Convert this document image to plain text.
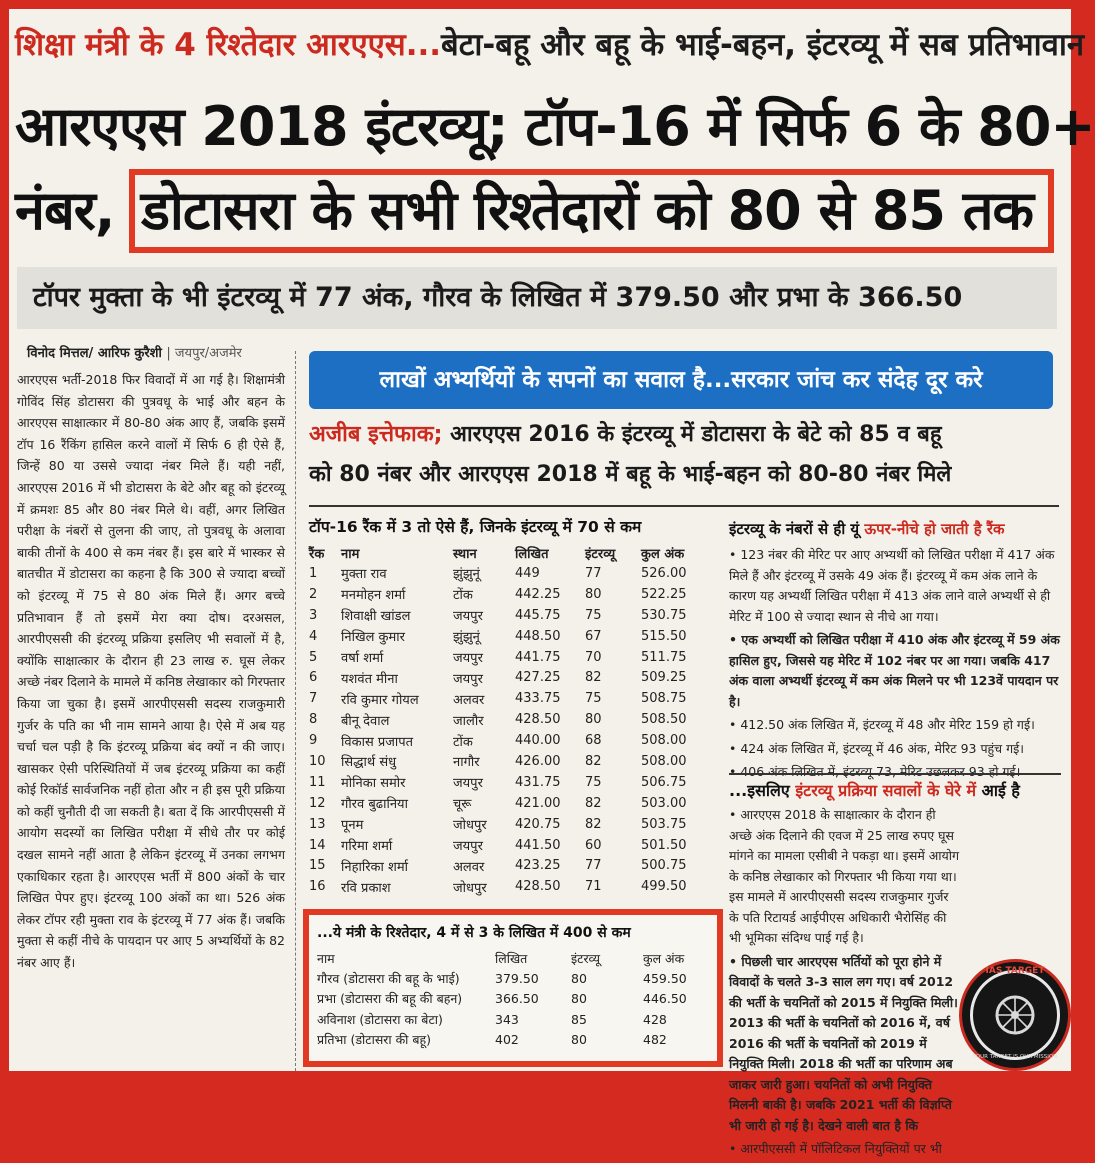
शिक्षा मंत्री के 4 रिश्तेदार आरएएस...बेटा-बहू और बहू के भाई-बहन, इंटरव्यू में सब प्रतिभावान
आरएएस 2018 इंटरव्यू; टॉप-16 में सिर्फ 6 के 80+
नंबर, डोटासरा के सभी रिश्तेदारों को 80 से 85 तक
टॉपर मुक्ता के भी इंटरव्यू में 77 अंक, गौरव के लिखित में 379.50 और प्रभा के 366.50
विनोद मित्तल/ आरिफ कुरैशी | जयपुर/अजमेर
आरएएस भर्ती-2018 फिर विवादों में आ गई है। शिक्षामंत्री गोविंद सिंह डोटासरा की पुत्रवधू के भाई और बहन के आरएएस साक्षात्कार में 80-80 अंक आए हैं, जबकि इसमें टॉप 16 रैंकिंग हासिल करने वालों में सिर्फ 6 ही ऐसे हैं, जिन्हें 80 या उससे ज्यादा नंबर मिले हैं। यही नहीं, आरएएस 2016 में भी डोटासरा के बेटे और बहू को इंटरव्यू में क्रमशः 85 और 80 नंबर मिले थे। वहीं, अगर लिखित परीक्षा के नंबरों से तुलना की जाए, तो पुत्रवधू के अलावा बाकी तीनों के 400 से कम नंबर हैं। इस बारे में भास्कर से बातचीत में डोटासरा का कहना है कि 300 से ज्यादा बच्चों को इंटरव्यू में 75 से 80 अंक मिले हैं। अगर बच्चे प्रतिभावान हैं तो इसमें मेरा क्या दोष। दरअसल, आरपीएससी की इंटरव्यू प्रक्रिया इसलिए भी सवालों में है, क्योंकि साक्षात्कार के दौरान ही 23 लाख रु. घूस लेकर अच्छे नंबर दिलाने के मामले में कनिष्ठ लेखाकार को गिरफ्तार किया जा चुका है। इसमें आरपीएससी सदस्य राजकुमारी गुर्जर के पति का भी नाम सामने आया है। ऐसे में अब यह चर्चा चल पड़ी है कि इंटरव्यू प्रक्रिया बंद क्यों न की जाए। खासकर ऐसी परिस्थितियों में जब इंटरव्यू प्रक्रिया का कहीं कोई रिकॉर्ड सार्वजनिक नहीं होता और न ही इस पूरी प्रक्रिया को कहीं चुनौती दी जा सकती है। बता दें कि आरपीएससी में आयोग सदस्यों का लिखित परीक्षा में सीधे तौर पर कोई दखल सामने नहीं आता है लेकिन इंटरव्यू में उनका लगभग एकाधिकार रहता है। आरएएस भर्ती में 800 अंकों के चार लिखित पेपर हुए। इंटरव्यू 100 अंकों का था। 526 अंक लेकर टॉपर रही मुक्ता राव के इंटरव्यू में 77 अंक हैं। जबकि मुक्ता से कहीं नीचे के पायदान पर आए 5 अभ्यर्थियों के 82 नंबर आए हैं।
लाखों अभ्यर्थियों के सपनों का सवाल है...सरकार जांच कर संदेह दूर करे
अजीब इत्तेफाक; आरएएस 2016 के इंटरव्यू में डोटासरा के बेटे को 85 व बहू
को 80 नंबर और आरएएस 2018 में बहू के भाई-बहन को 80-80 नंबर मिले
टॉप-16 रैंक में 3 तो ऐसे हैं, जिनके इंटरव्यू में 70 से कम
रैंक	नाम	स्थान	लिखित	इंटरव्यू	कुल अंक
1	मुक्ता राव	झुंझुनूं	449	77	526.00
2	मनमोहन शर्मा	टोंक	442.25	80	522.25
3	शिवाक्षी खांडल	जयपुर	445.75	75	530.75
4	निखिल कुमार	झुंझुनूं	448.50	67	515.50
5	वर्षा शर्मा	जयपुर	441.75	70	511.75
6	यशवंत मीना	जयपुर	427.25	82	509.25
7	रवि कुमार गोयल	अलवर	433.75	75	508.75
8	बीनू देवाल	जालौर	428.50	80	508.50
9	विकास प्रजापत	टोंक	440.00	68	508.00
10	सिद्धार्थ संधु	नागौर	426.00	82	508.00
11	मोनिका समोर	जयपुर	431.75	75	506.75
12	गौरव बुढानिया	चूरू	421.00	82	503.00
13	पूनम	जोधपुर	420.75	82	503.75
14	गरिमा शर्मा	जयपुर	441.50	60	501.50
15	निहारिका शर्मा	अलवर	423.25	77	500.75
16	रवि प्रकाश	जोधपुर	428.50	71	499.50
इंटरव्यू के नंबरों से ही यूं ऊपर-नीचे हो जाती है रैंक
• 123 नंबर की मेरिट पर आए अभ्यर्थी को लिखित परीक्षा में 417 अंक मिले हैं और इंटरव्यू में उसके 49 अंक हैं। इंटरव्यू में कम अंक लाने के कारण यह अभ्यर्थी लिखित परीक्षा में 413 अंक लाने वाले अभ्यर्थी से ही मेरिट में 100 से ज्यादा स्थान से नीचे आ गया।
• एक अभ्यर्थी को लिखित परीक्षा में 410 अंक और इंटरव्यू में 59 अंक हासिल हुए, जिससे यह मेरिट में 102 नंबर पर आ गया। जबकि 417 अंक वाला अभ्यर्थी इंटरव्यू में कम अंक मिलने पर भी 123वें पायदान पर है।
• 412.50 अंक लिखित में, इंटरव्यू में 48 और मेरिट 159 हो गई।
• 424 अंक लिखित में, इंटरव्यू में 46 अंक, मेरिट 93 पहुंच गई।
• 406 अंक लिखित में, इंटरव्यू 73, मेरिट उछलकर 93 हो गई।
...इसलिए इंटरव्यू प्रक्रिया सवालों के घेरे में आई है
• आरएएस 2018 के साक्षात्कार के दौरान ही अच्छे अंक दिलाने की एवज में 25 लाख रुपए घूस मांगने का मामला एसीबी ने पकड़ा था। इसमें आयोग के कनिष्ठ लेखाकार को गिरफ्तार भी किया गया था। इस मामले में आरपीएससी सदस्य राजकुमार गुर्जर के पति रिटायर्ड आईपीएस अधिकारी भैरोसिंह की भी भूमिका संदिग्ध पाई गई है।
• पिछली चार आरएएस भर्तियों को पूरा होने में विवादों के चलते 3-3 साल लग गए। वर्ष 2012 की भर्ती के चयनितों को 2015 में नियुक्ति मिली। 2013 की भर्ती के चयनितों को 2016 में, वर्ष 2016 की भर्ती के चयनितों को 2019 में नियुक्ति मिली। 2018 की भर्ती का परिणाम अब जाकर जारी हुआ। चयनितों को अभी नियुक्ति मिलनी बाकी है। जबकि 2021 भर्ती की विज्ञप्ति भी जारी हो गई है। देखने वाली बात है कि
• आरपीएससी में पॉलिटिकल नियुक्तियों पर भी
...ये मंत्री के रिश्तेदार, 4 में से 3 के लिखित में 400 से कम
नाम	लिखित	इंटरव्यू	कुल अंक
गौरव (डोटासरा की बहू के भाई)	379.50	80	459.50
प्रभा (डोटासरा की बहू की बहन)	366.50	80	446.50
अविनाश (डोटासरा का बेटा)	343	85	428
प्रतिभा (डोटासरा की बहू)	402	80	482
IAS TARGET
YOUR TARGET IS OUR MISSION
